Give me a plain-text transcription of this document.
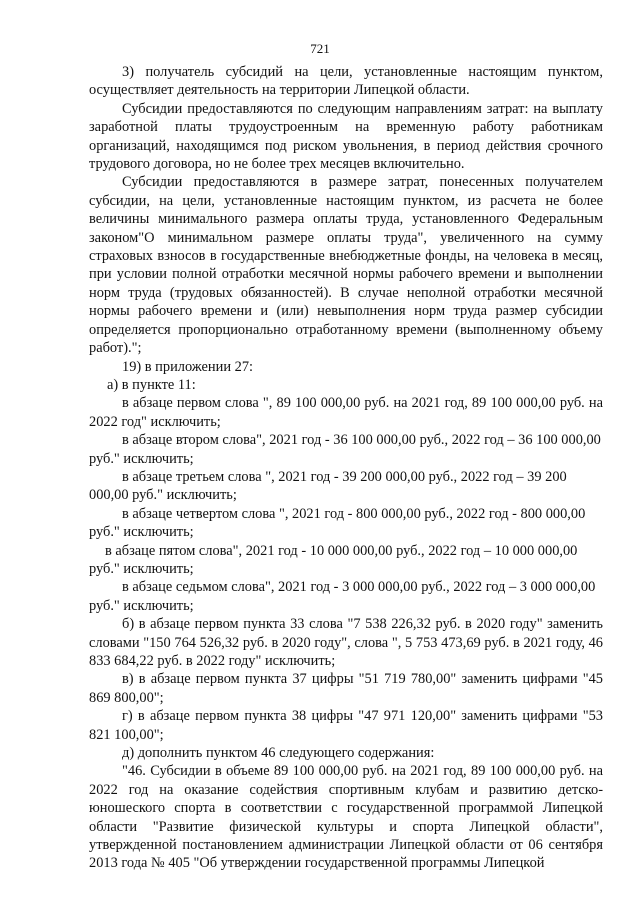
721

3) получатель субсидий на цели, установленные настоящим пунктом, осуществляет деятельность на территории Липецкой области.

Субсидии предоставляются по следующим направлениям затрат: на выплату заработной платы трудоустроенным на временную работу работникам организаций, находящимся под риском увольнения, в период действия срочного трудового договора, но не более трех месяцев включительно.

Субсидии предоставляются в размере затрат, понесенных получателем субсидии, на цели, установленные настоящим пунктом, из расчета не более величины минимального размера оплаты труда, установленного Федеральным законом"О минимальном размере оплаты труда", увеличенного на сумму страховых взносов в государственные внебюджетные фонды, на человека в месяц, при условии полной отработки месячной нормы рабочего времени и выполнении норм труда (трудовых обязанностей). В случае неполной отработки месячной нормы рабочего времени и (или) невыполнения норм труда размер субсидии определяется пропорционально отработанному времени (выполненному объему работ).";

19) в приложении 27:

а) в пункте 11:

в абзаце первом слова ", 89 100 000,00 руб. на 2021 год, 89 100 000,00 руб. на 2022 год" исключить;

в абзаце втором слова", 2021 год - 36 100 000,00 руб., 2022 год – 36 100 000,00 руб." исключить;

в абзаце третьем слова ", 2021 год - 39 200 000,00 руб., 2022 год – 39 200 000,00 руб." исключить;

в абзаце четвертом слова ", 2021 год - 800 000,00 руб., 2022 год - 800 000,00 руб." исключить;

в абзаце пятом слова", 2021 год - 10 000 000,00 руб., 2022 год – 10 000 000,00 руб." исключить;

в абзаце седьмом слова", 2021 год - 3 000 000,00 руб., 2022 год – 3 000 000,00 руб." исключить;

б) в абзаце первом пункта 33 слова "7 538 226,32 руб. в 2020 году" заменить словами "150 764 526,32 руб. в 2020 году", слова ", 5 753 473,69 руб. в 2021 году, 46 833 684,22 руб. в 2022 году" исключить;

в) в абзаце первом пункта 37 цифры "51 719 780,00" заменить цифрами "45 869 800,00";

г) в абзаце первом пункта 38 цифры "47 971 120,00" заменить цифрами "53 821 100,00";

д) дополнить пунктом 46 следующего содержания:

"46. Субсидии в объеме 89 100 000,00 руб. на 2021 год, 89 100 000,00 руб. на 2022 год на оказание содействия спортивным клубам и развитию детско-юношеского спорта в соответствии с государственной программой Липецкой области "Развитие физической культуры и спорта Липецкой области", утвержденной постановлением администрации Липецкой области от 06 сентября 2013 года № 405 "Об утверждении государственной программы Липецкой
